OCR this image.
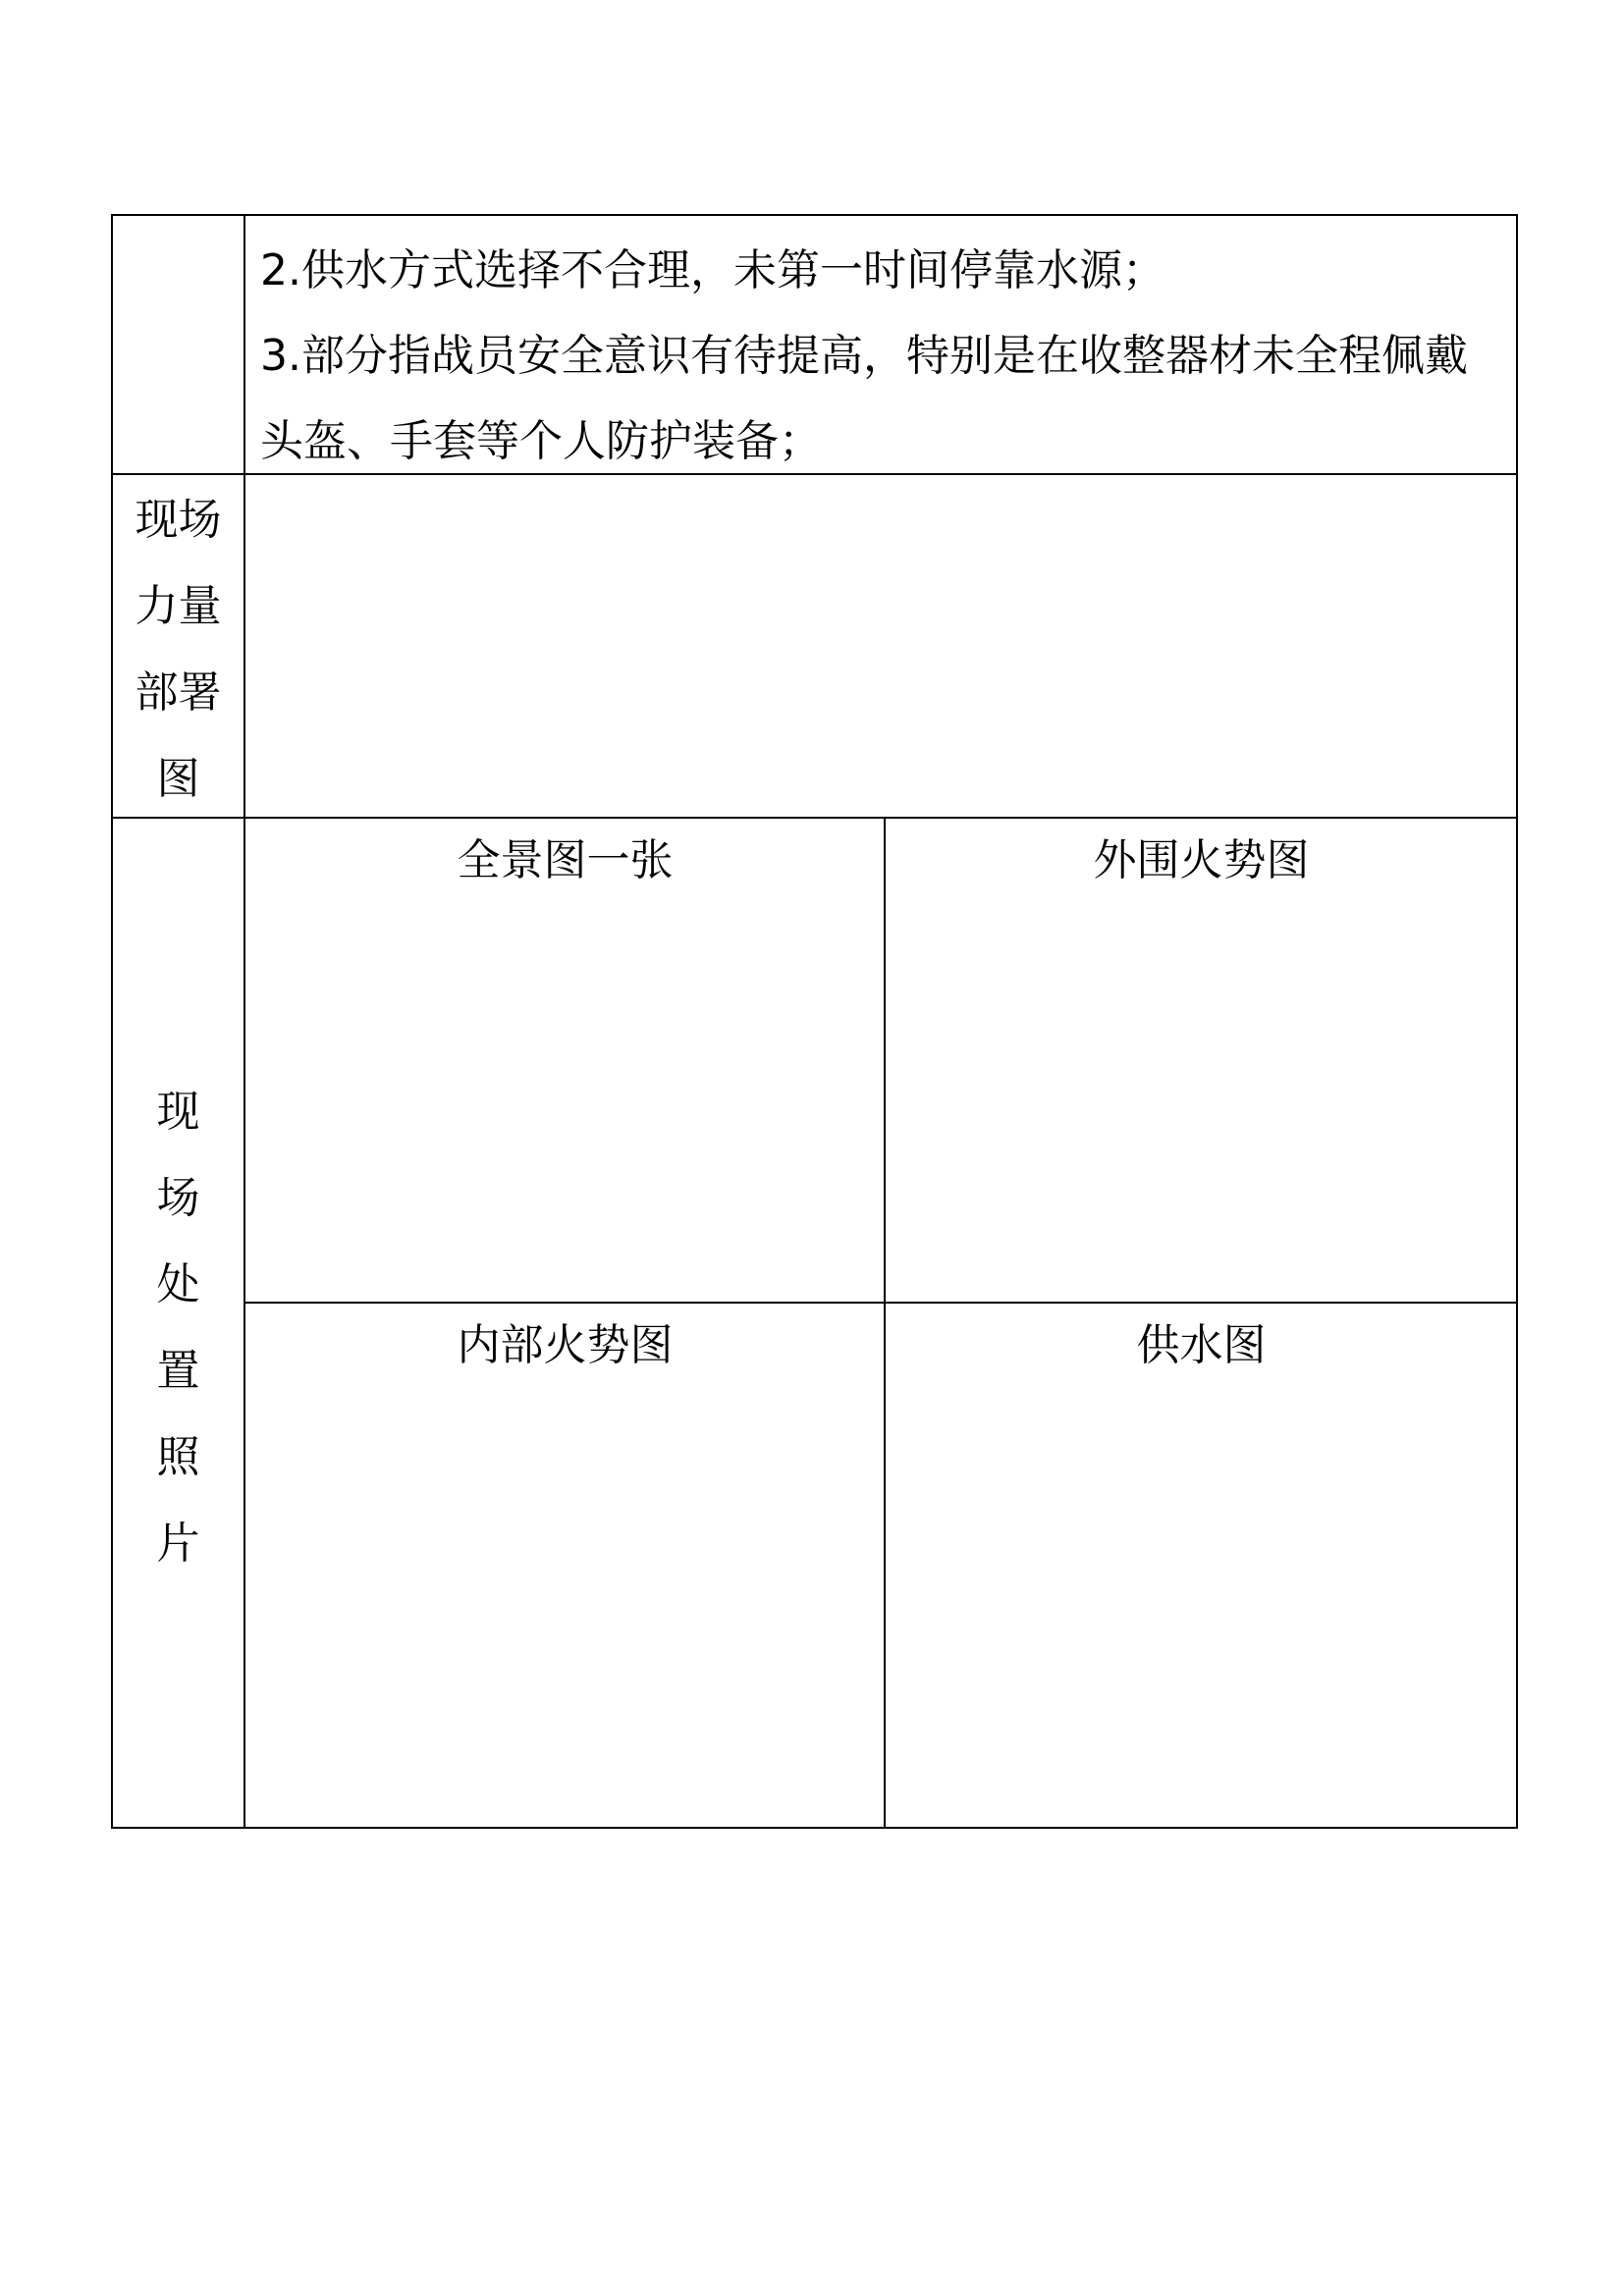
2.供水方式选择不合理，未第一时间停靠水源；

3.部分指战员安全意识有待提高，特别是在收整器材未全程佩戴头盔、手套等个人防护装备；

现场
力量
部署
图
现
场
处
置
照
片
全景图一张	外围火势图
内部火势图	供水图
